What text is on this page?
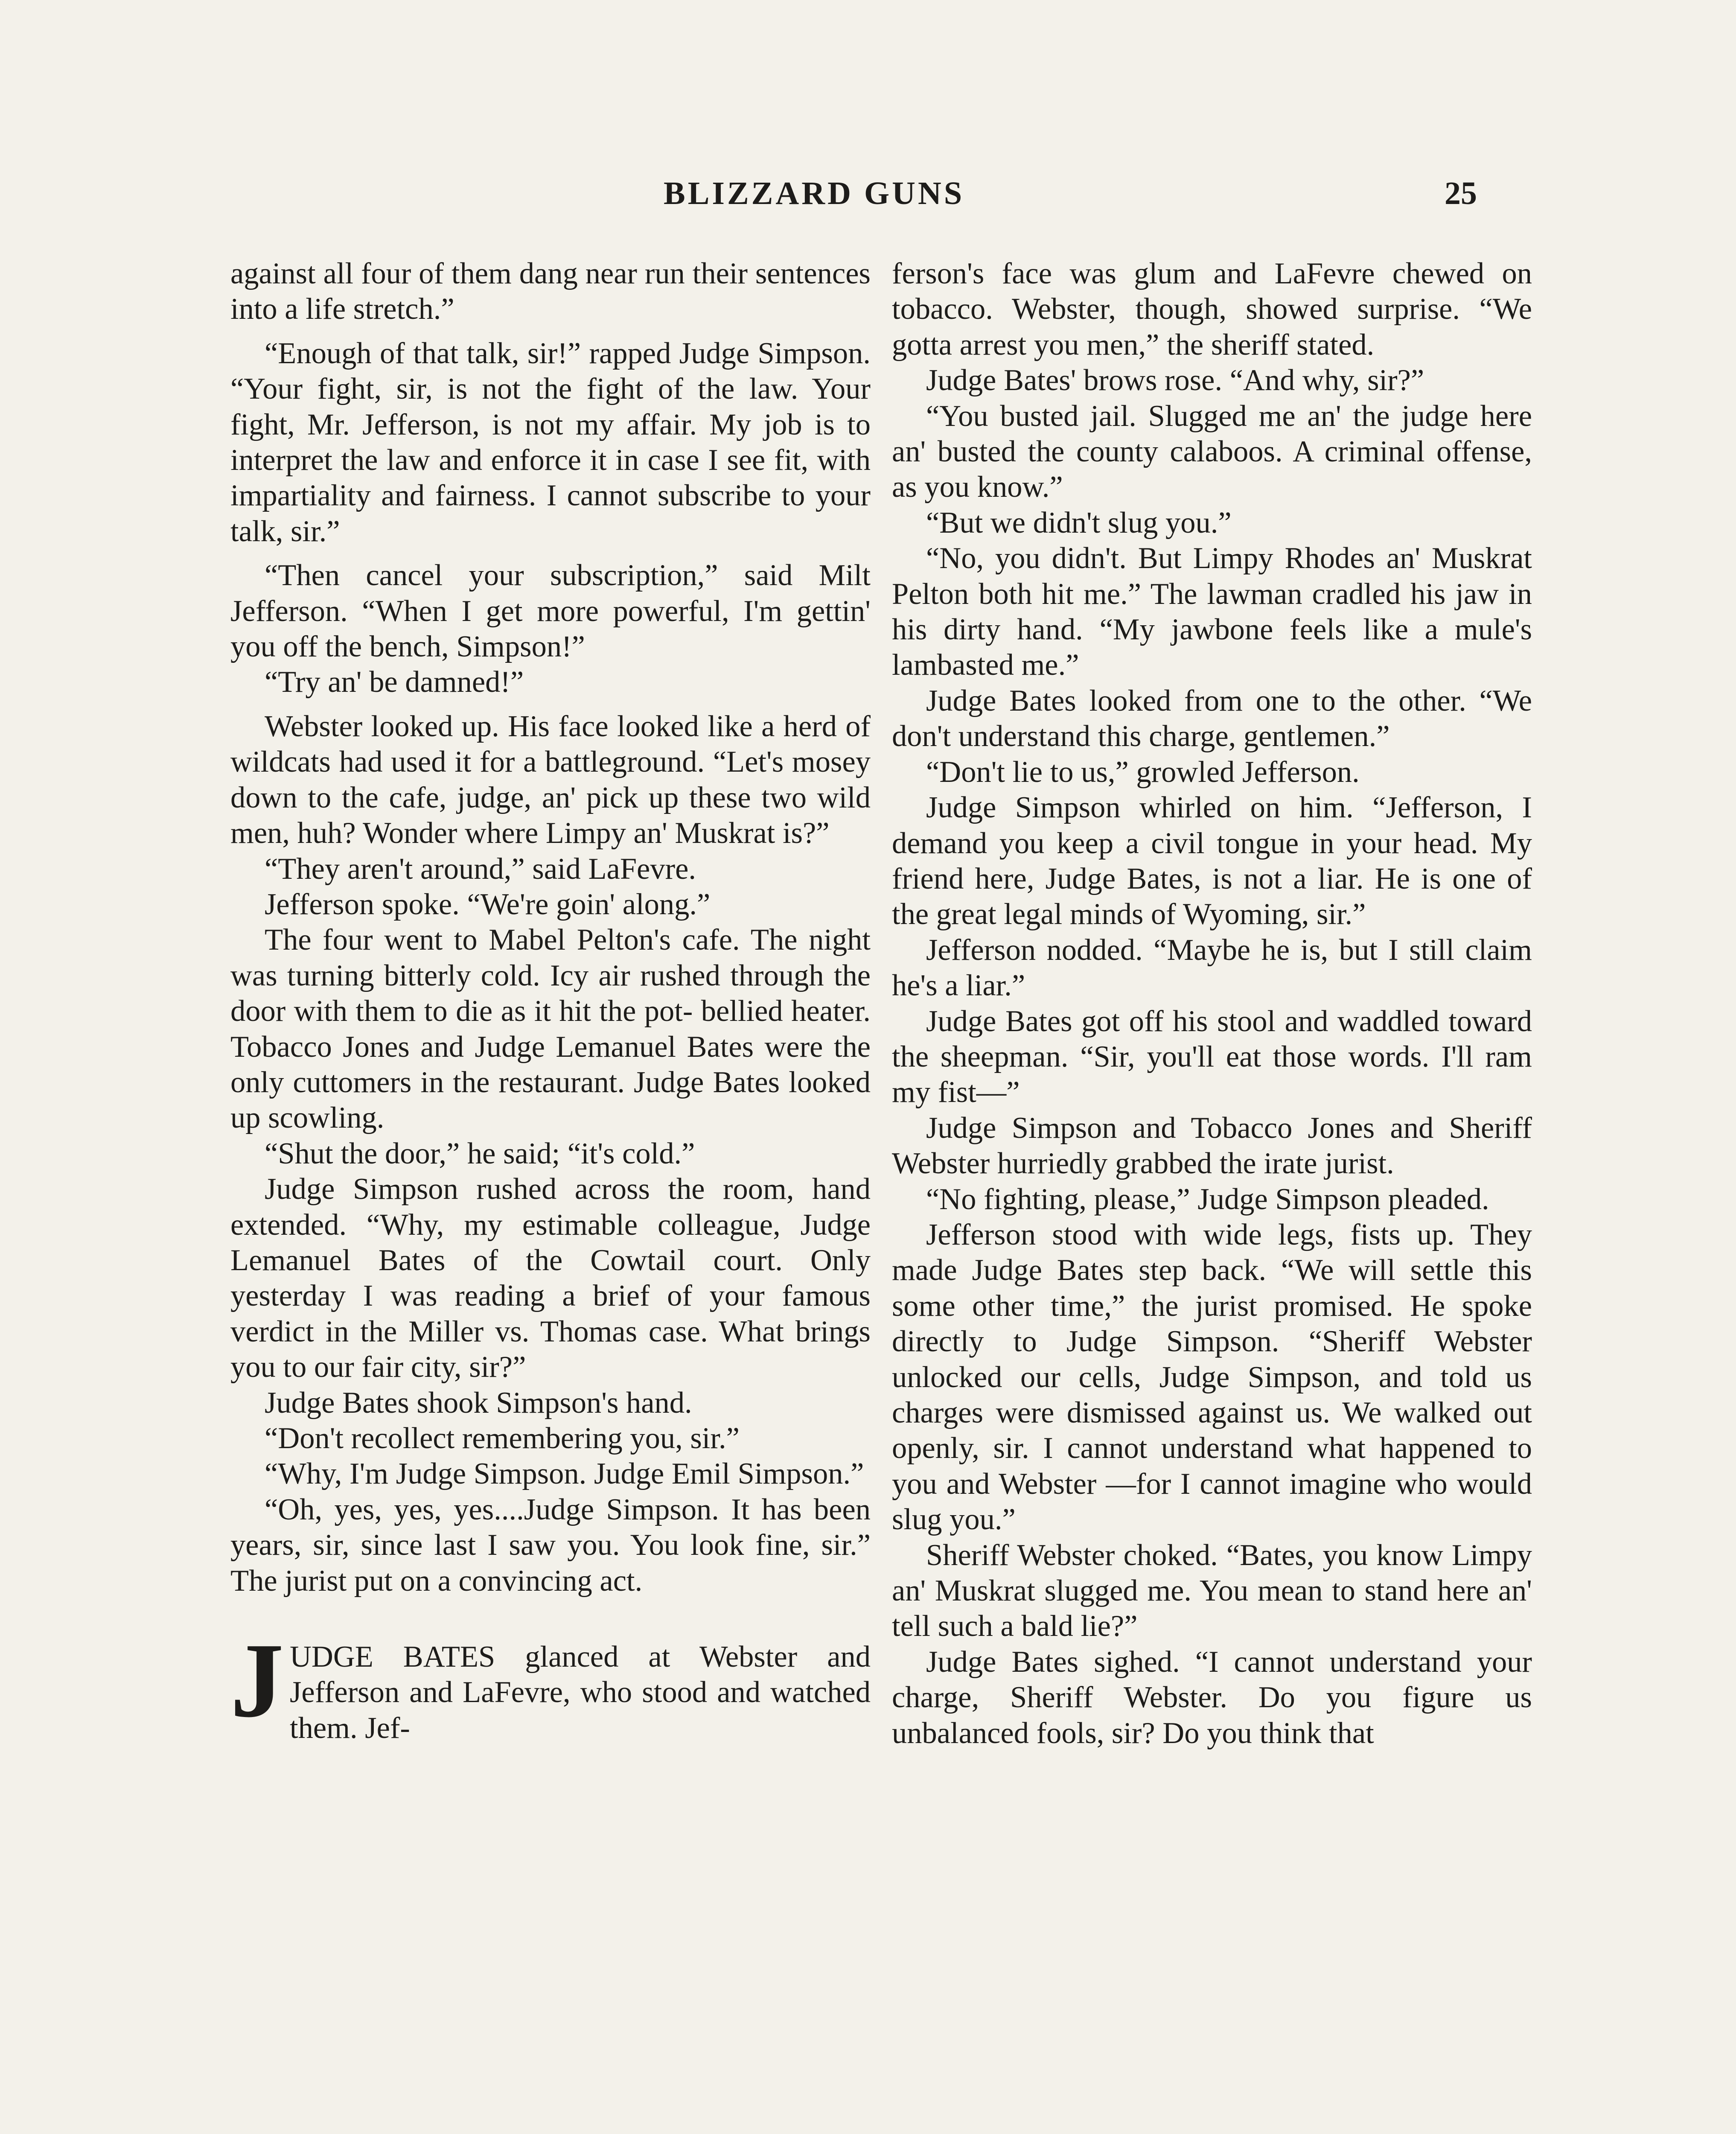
BLIZZARD GUNS	25

against all four of them dang near run their sentences into a life stretch.”

“Enough of that talk, sir!” rapped Judge Simpson. “Your fight, sir, is not the fight of the law. Your fight, Mr. Jefferson, is not my affair. My job is to interpret the law and enforce it in case I see fit, with impartiality and fairness. I cannot subscribe to your talk, sir.”

“Then cancel your subscription,” said Milt Jefferson. “When I get more powerful, I'm gettin' you off the bench, Simpson!”

“Try an' be damned!”

Webster looked up. His face looked like a herd of wildcats had used it for a battleground. “Let's mosey down to the cafe, judge, an' pick up these two wild men, huh? Wonder where Limpy an' Muskrat is?”

“They aren't around,” said LaFevre.

Jefferson spoke. “We're goin' along.”

The four went to Mabel Pelton's cafe. The night was turning bitterly cold. Icy air rushed through the door with them to die as it hit the pot- bellied heater. Tobacco Jones and Judge Lemanuel Bates were the only cuttomers in the restaurant. Judge Bates looked up scowling.

“Shut the door,” he said; “it's cold.”

Judge Simpson rushed across the room, hand extended. “Why, my estimable colleague, Judge Lemanuel Bates of the Cowtail court. Only yesterday I was reading a brief of your famous verdict in the Miller vs. Thomas case. What brings you to our fair city, sir?”

Judge Bates shook Simpson's hand.

“Don't recollect remembering you, sir.”

“Why, I'm Judge Simpson. Judge Emil Simpson.”

“Oh, yes, yes, yes....Judge Simpson. It has been years, sir, since last I saw you. You look fine, sir.” The jurist put on a convincing act.

JUDGE BATES glanced at Webster and Jefferson and LaFevre, who stood and watched them. Jef-

ferson's face was glum and LaFevre chewed on tobacco. Webster, though, showed surprise. “We gotta arrest you men,” the sheriff stated.

Judge Bates' brows rose. “And why, sir?”

“You busted jail. Slugged me an' the judge here an' busted the county calaboos. A criminal offense, as you know.”

“But we didn't slug you.”

“No, you didn't. But Limpy Rhodes an' Muskrat Pelton both hit me.” The lawman cradled his jaw in his dirty hand. “My jawbone feels like a mule's lambasted me.”

Judge Bates looked from one to the other. “We don't understand this charge, gentlemen.”

“Don't lie to us,” growled Jefferson.

Judge Simpson whirled on him. “Jefferson, I demand you keep a civil tongue in your head. My friend here, Judge Bates, is not a liar. He is one of the great legal minds of Wyoming, sir.”

Jefferson nodded. “Maybe he is, but I still claim he's a liar.”

Judge Bates got off his stool and waddled toward the sheepman. “Sir, you'll eat those words. I'll ram my fist—”

Judge Simpson and Tobacco Jones and Sheriff Webster hurriedly grabbed the irate jurist.

“No fighting, please,” Judge Simpson pleaded.

Jefferson stood with wide legs, fists up. They made Judge Bates step back. “We will settle this some other time,” the jurist promised. He spoke directly to Judge Simpson. “Sheriff Webster unlocked our cells, Judge Simpson, and told us charges were dismissed against us. We walked out openly, sir. I cannot understand what happened to you and Webster —for I cannot imagine who would slug you.”

Sheriff Webster choked. “Bates, you know Limpy an' Muskrat slugged me. You mean to stand here an' tell such a bald lie?”

Judge Bates sighed. “I cannot understand your charge, Sheriff Webster. Do you figure us unbalanced fools, sir? Do you think that
